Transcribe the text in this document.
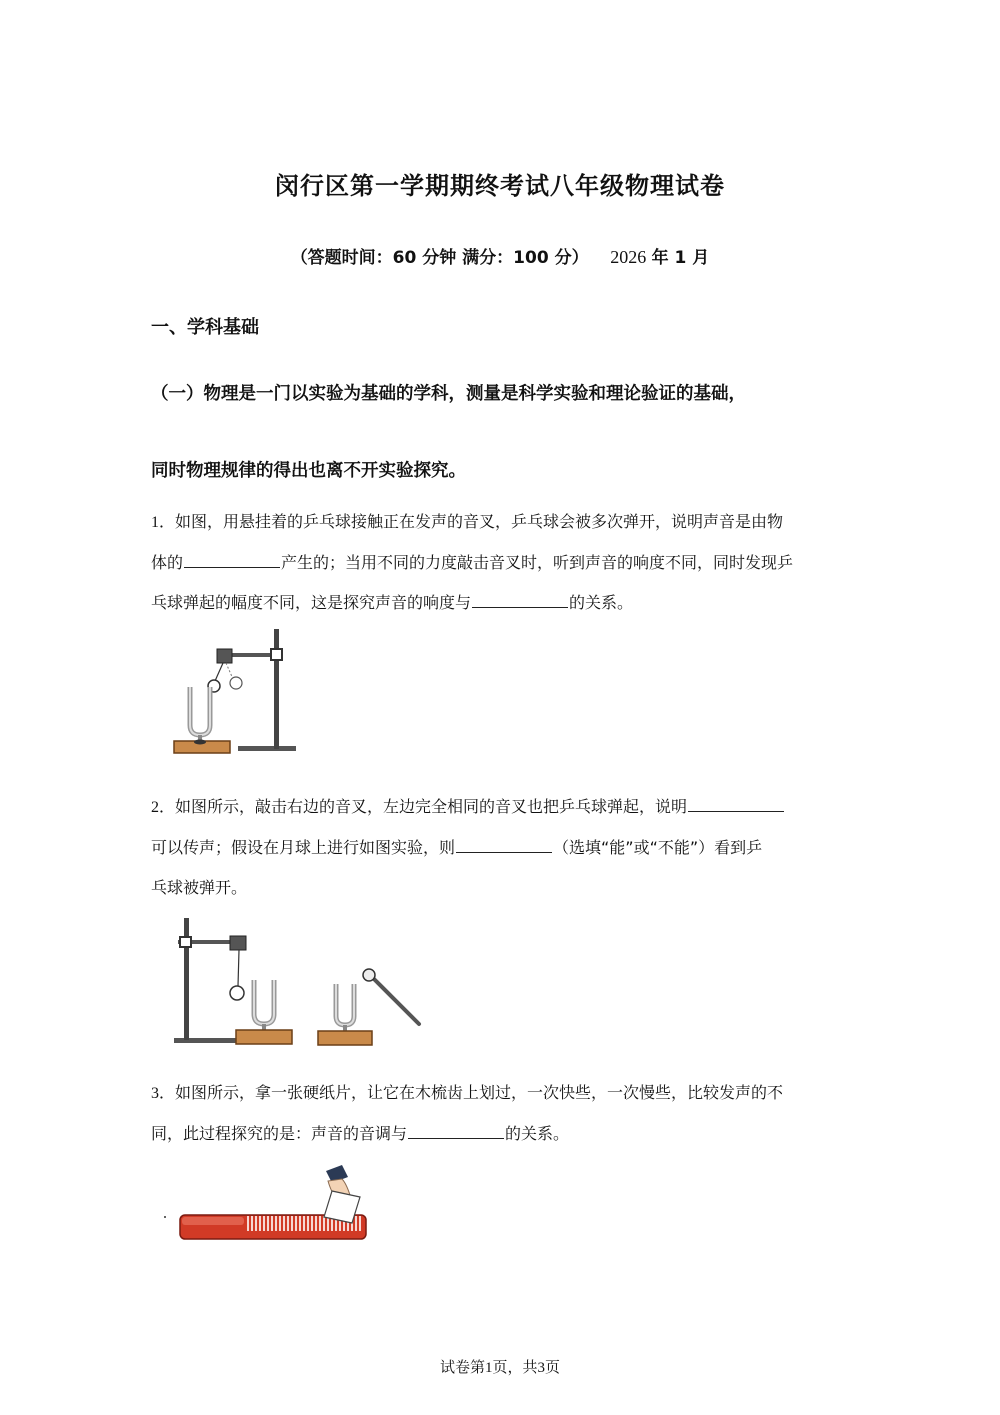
闵行区第一学期期终考试八年级物理试卷
（答题时间：60 分钟 满分：100 分） 2026 年 1 月
一、学科基础
（一）物理是一门以实验为基础的学科，测量是科学实验和理论验证的基础，
同时物理规律的得出也离不开实验探究。
1．如图，用悬挂着的乒乓球接触正在发声的音叉，乒乓球会被多次弹开，说明声音是由物
体的	产生的；当用不同的力度敲击音叉时，听到声音的响度不同，同时发现乒
乓球弹起的幅度不同，这是探究声音的响度与	的关系。
2．如图所示，敲击右边的音叉，左边完全相同的音叉也把乒乓球弹起，说明
可以传声；假设在月球上进行如图实验，则	（选填“能”或“不能”）看到乒
乓球被弹开。
3．如图所示，拿一张硬纸片，让它在木梳齿上划过，一次快些，一次慢些，比较发声的不
同，此过程探究的是：声音的音调与	的关系。
试卷第1页，共3页
